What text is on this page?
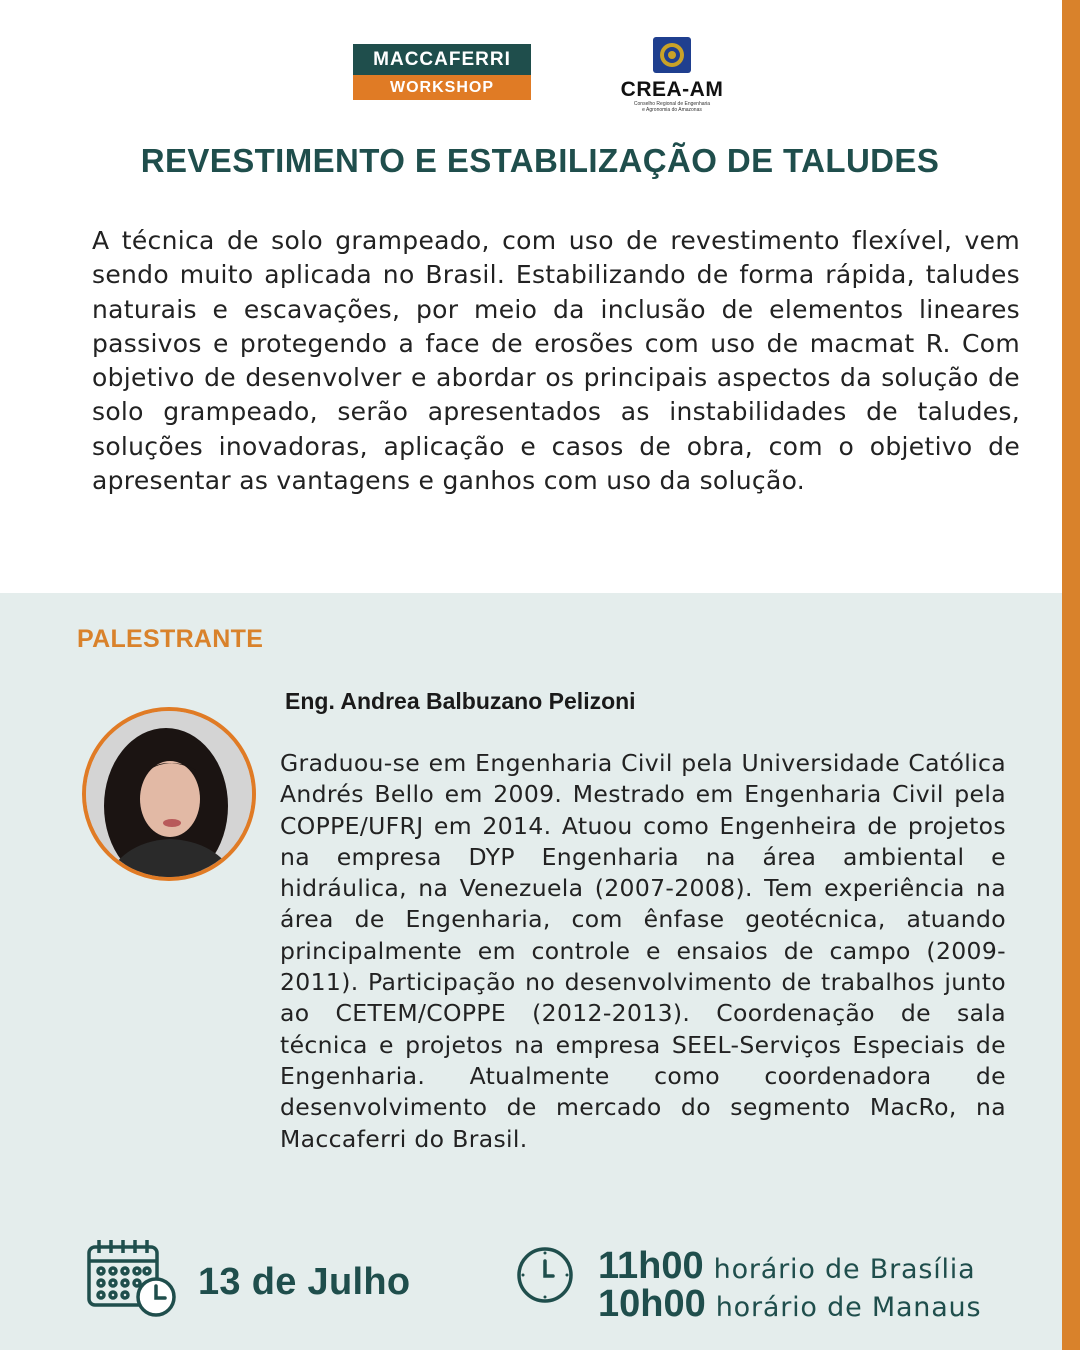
MACCAFERRI
WORKSHOP	CREA-AM
Conselho Regional de Engenharia
e Agronomia do Amazonas
REVESTIMENTO E ESTABILIZAÇÃO DE TALUDES

A técnica de solo grampeado, com uso de revestimento flexível, vem sendo muito aplicada no Brasil. Estabilizando de forma rápida, taludes naturais e escavações, por meio da inclusão de elementos lineares passivos e protegendo a face de erosões com uso de macmat R. Com objetivo de desenvolver e abordar os principais aspectos da solução de solo grampeado, serão apresentados as instabilidades de taludes, soluções inovadoras, aplicação e casos de obra, com o objetivo de apresentar as vantagens e ganhos com uso da solução.

PALESTRANTE
Eng. Andrea Balbuzano Pelizoni

Graduou-se em Engenharia Civil pela Universidade Católica Andrés Bello em 2009. Mestrado em Engenharia Civil pela COPPE/UFRJ em 2014. Atuou como Engenheira de projetos na empresa DYP Engenharia na área ambiental e hidráulica, na Venezuela (2007-2008). Tem experiência na área de Engenharia, com ênfase geotécnica, atuando principalmente em controle e ensaios de campo (2009-2011). Participação no desenvolvimento de trabalhos junto ao CETEM/COPPE (2012-2013). Coordenação de sala técnica e projetos na empresa SEEL-Serviços Especiais de Engenharia. Atualmente como coordenadora de desenvolvimento de mercado do segmento MacRo, na Maccaferri do Brasil.

13 de Julho	11h00 horário de Brasília
10h00 horário de Manaus
